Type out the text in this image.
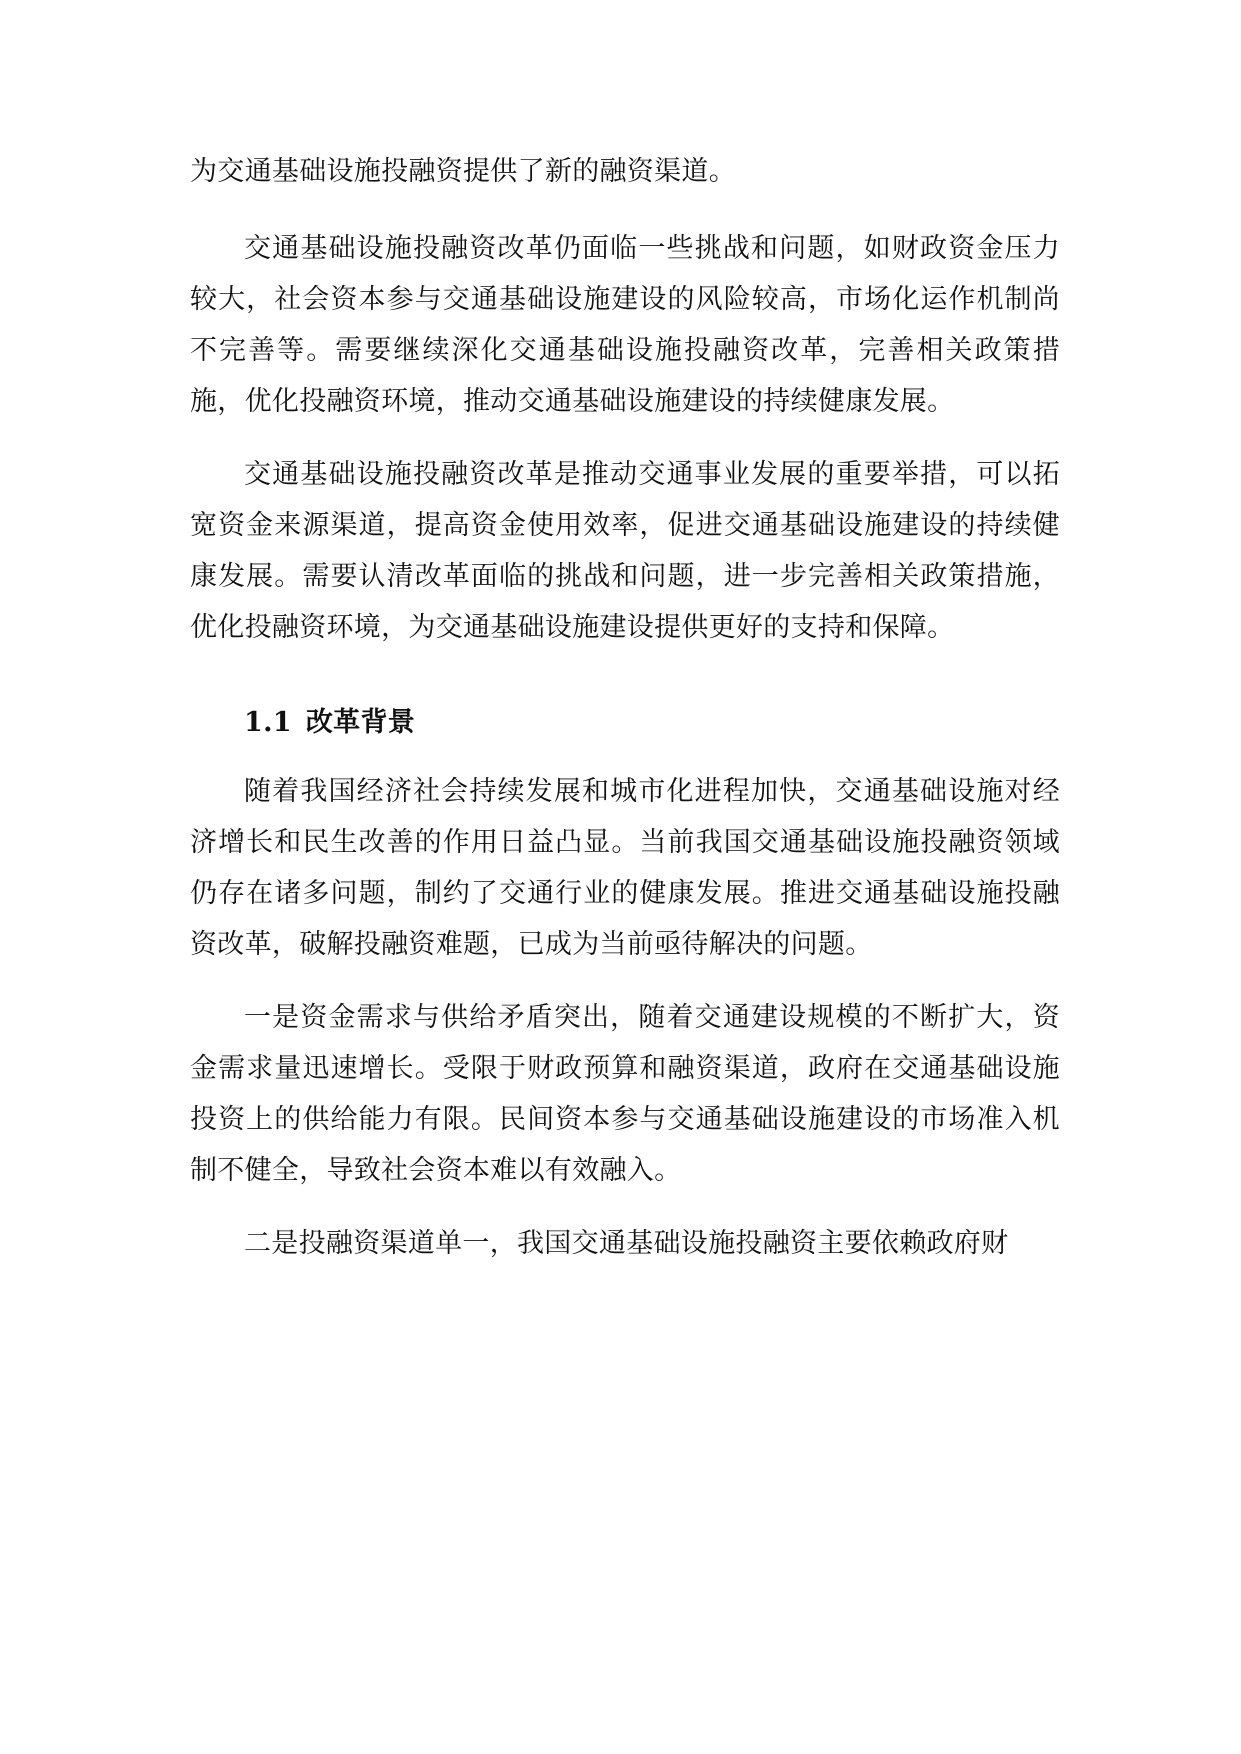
为交通基础设施投融资提供了新的融资渠道。

交通基础设施投融资改革仍面临一些挑战和问题，如财政资金压力较大，社会资本参与交通基础设施建设的风险较高，市场化运作机制尚不完善等。需要继续深化交通基础设施投融资改革，完善相关政策措施，优化投融资环境，推动交通基础设施建设的持续健康发展。

交通基础设施投融资改革是推动交通事业发展的重要举措，可以拓宽资金来源渠道，提高资金使用效率，促进交通基础设施建设的持续健康发展。需要认清改革面临的挑战和问题，进一步完善相关政策措施，优化投融资环境，为交通基础设施建设提供更好的支持和保障。

1.1 改革背景

随着我国经济社会持续发展和城市化进程加快，交通基础设施对经济增长和民生改善的作用日益凸显。当前我国交通基础设施投融资领域仍存在诸多问题，制约了交通行业的健康发展。推进交通基础设施投融资改革，破解投融资难题，已成为当前亟待解决的问题。

一是资金需求与供给矛盾突出，随着交通建设规模的不断扩大，资金需求量迅速增长。受限于财政预算和融资渠道，政府在交通基础设施投资上的供给能力有限。民间资本参与交通基础设施建设的市场准入机制不健全，导致社会资本难以有效融入。

二是投融资渠道单一，我国交通基础设施投融资主要依赖政府财
